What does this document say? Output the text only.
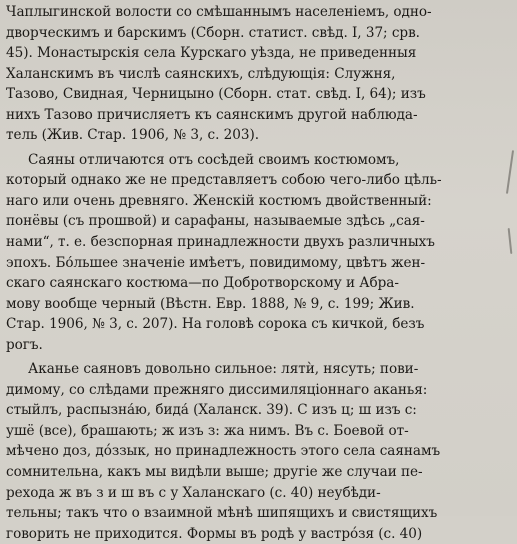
Чаплыгинской волости со смѣшаннымъ населеніемъ, одно-
дворческимъ и барскимъ (Сборн. статист. свѣд. I, 37; срв.
45). Монастырскія села Курскаго уѣзда, не приведенныя
Халанскимъ въ числѣ саянскихъ, слѣдующія: Служня,
Тазово, Свидная, Черницыно (Сборн. стат. свѣд. I, 64); изъ
нихъ Тазово причисляетъ къ саянскимъ другой наблюда-
тель (Жив. Стар. 1906, № 3, с. 203).
Саяны отличаются отъ сосѣдей своимъ костюмомъ,
который однако же не представляетъ собою чего-либо цѣль-
наго или очень древняго. Женскій костюмъ двойственный:
понёвы (съ прошвой) и сарафаны, называемые здѣсь „сая-
нами“, т. е. безспорная принадлежности двухъ различныхъ
эпохъ. Бо́льшее значеніе имѣетъ, повидимому, цвѣтъ жен-
скаго саянскаго костюма—по Добротворскому и Абра-
мову вообще черный (Вѣстн. Евр. 1888, № 9, с. 199; Жив.
Стар. 1906, № 3, с. 207). На головѣ сорока съ кичкой, безъ
рогъ.
Аканье саяновъ довольно сильное: лятѝ, нясуть; пови-
димому, со слѣдами прежняго диссимиляціоннаго аканья:
стыйлъ, распызна́ю, бида́ (Халанск. 39). С изъ ц; ш изъ с:
ушё (все), брашають; ж изъ з: жа нимъ. Въ с. Боевой от-
мѣчено доз, дóззык, но принадлежность этого села саянамъ
сомнительна, какъ мы видѣли выше; другіе же случаи пе-
рехода ж въ з и ш въ с у Халанскаго (с. 40) неубѣди-
тельны; такъ что о взаимной мѣнѣ шипящихъ и свистящихъ
говорить не приходится. Формы въ родѣ у вастрóзя (с. 40)
